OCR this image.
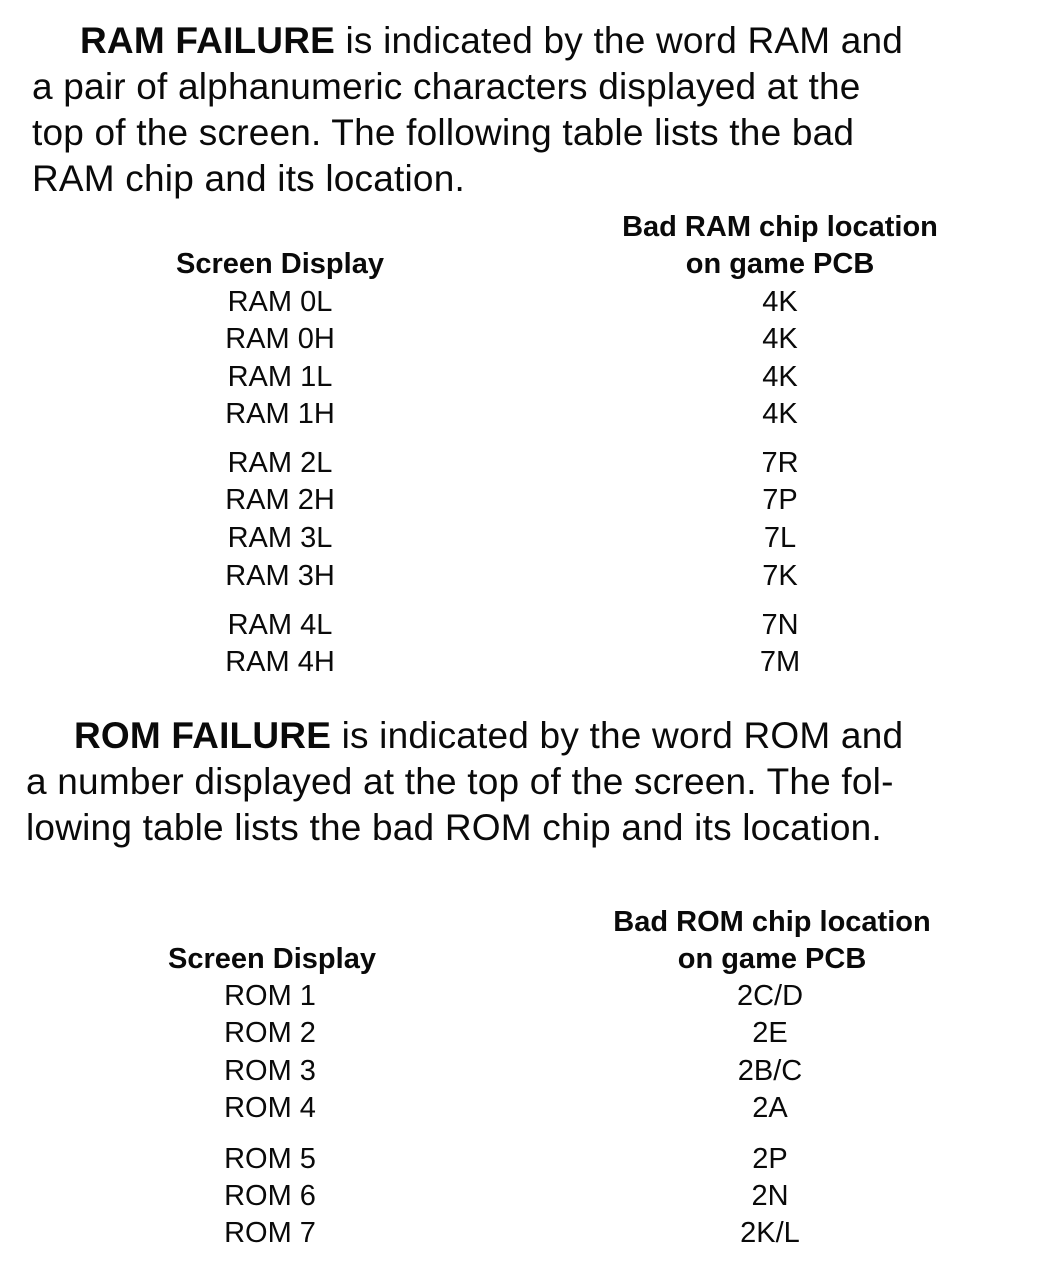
RAM FAILURE is indicated by the word RAM and
a pair of alphanumeric characters displayed at the
top of the screen. The following table lists the bad
RAM chip and its location.
Bad RAM chip location
Screen Display	on game PCB
RAM 0L	4K
RAM 0H	4K
RAM 1L	4K
RAM 1H	4K
RAM 2L	7R
RAM 2H	7P
RAM 3L	7L
RAM 3H	7K
RAM 4L	7N
RAM 4H	7M
ROM FAILURE is indicated by the word ROM and
a number displayed at the top of the screen. The fol-
lowing table lists the bad ROM chip and its location.
Bad ROM chip location
Screen Display	on game PCB
ROM 1	2C/D
ROM 2	2E
ROM 3	2B/C
ROM 4	2A
ROM 5	2P
ROM 6	2N
ROM 7	2K/L
